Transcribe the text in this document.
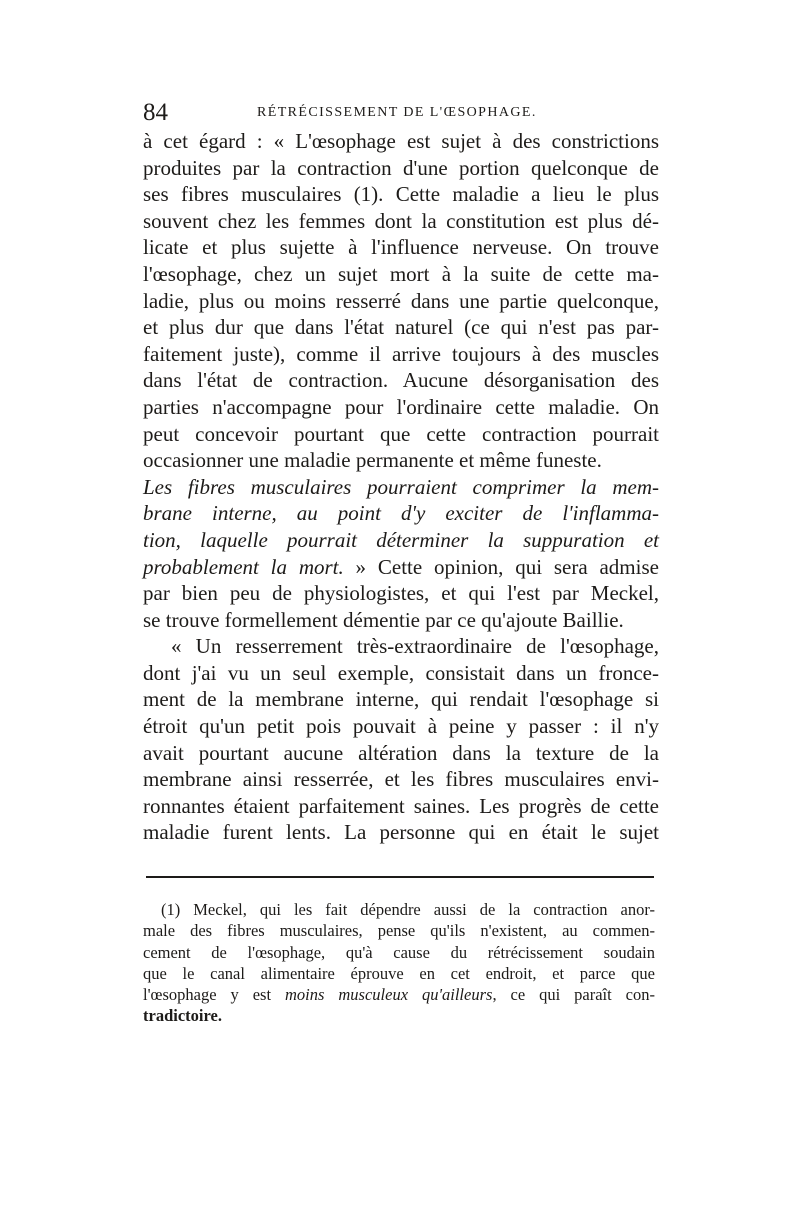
84	RÉTRÉCISSEMENT DE L'ŒSOPHAGE.
à cet égard : « L'œsophage est sujet à des constrictions
produites par la contraction d'une portion quelconque de
ses fibres musculaires (1). Cette maladie a lieu le plus
souvent chez les femmes dont la constitution est plus dé-
licate et plus sujette à l'influence nerveuse. On trouve
l'œsophage, chez un sujet mort à la suite de cette ma-
ladie, plus ou moins resserré dans une partie quelconque,
et plus dur que dans l'état naturel (ce qui n'est pas par-
faitement juste), comme il arrive toujours à des muscles
dans l'état de contraction. Aucune désorganisation des
parties n'accompagne pour l'ordinaire cette maladie. On
peut concevoir pourtant que cette contraction pourrait
occasionner une maladie permanente et même funeste.
Les fibres musculaires pourraient comprimer la mem-
brane interne, au point d'y exciter de l'inflamma-
tion, laquelle pourrait déterminer la suppuration et
probablement la mort. » Cette opinion, qui sera admise
par bien peu de physiologistes, et qui l'est par Meckel,
se trouve formellement démentie par ce qu'ajoute Baillie.
« Un resserrement très-extraordinaire de l'œsophage,
dont j'ai vu un seul exemple, consistait dans un fronce-
ment de la membrane interne, qui rendait l'œsophage si
étroit qu'un petit pois pouvait à peine y passer : il n'y
avait pourtant aucune altération dans la texture de la
membrane ainsi resserrée, et les fibres musculaires envi-
ronnantes étaient parfaitement saines. Les progrès de cette
maladie furent lents. La personne qui en était le sujet
(1) Meckel, qui les fait dépendre aussi de la contraction anor-
male des fibres musculaires, pense qu'ils n'existent, au commen-
cement de l'œsophage, qu'à cause du rétrécissement soudain
que le canal alimentaire éprouve en cet endroit, et parce que
l'œsophage y est moins musculeux qu'ailleurs, ce qui paraît con-
tradictoire.
